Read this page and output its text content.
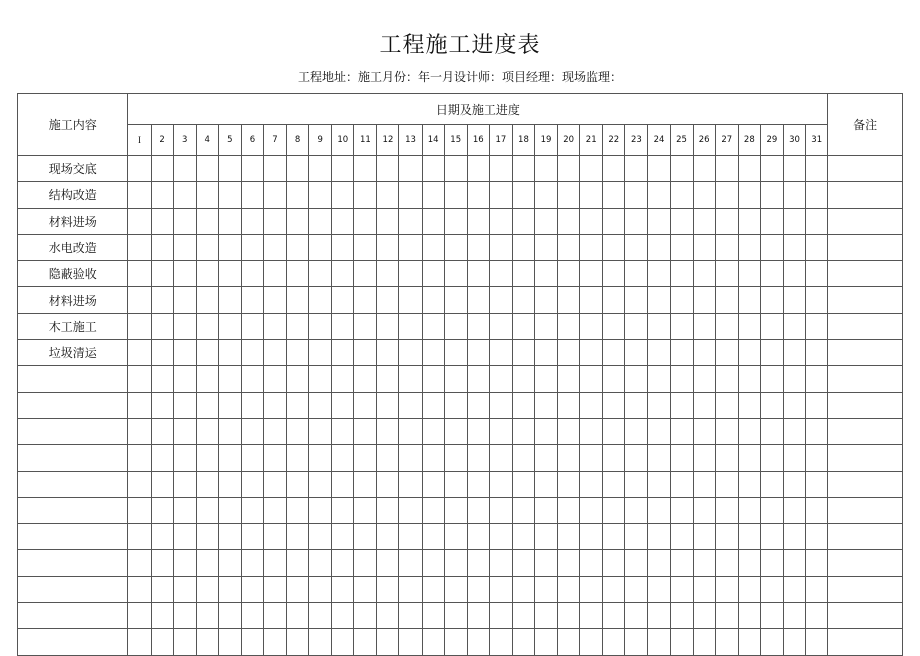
工程施工进度表
工程地址：施工月份：年一月设计师：项目经理：现场监理：
施工内容	日期及施工进度																															备注
	I	2	3	4	5	6	7	8	9	10	11	12	13	14	15	16	17	18	19	20	21	22	23	24	25	26	27	28	29	30	31	
现场交底																																
结构改造																																
材料进场																																
水电改造																																
隐蔽验收																																
材料进场																																
木工施工																																
垃圾清运																																
